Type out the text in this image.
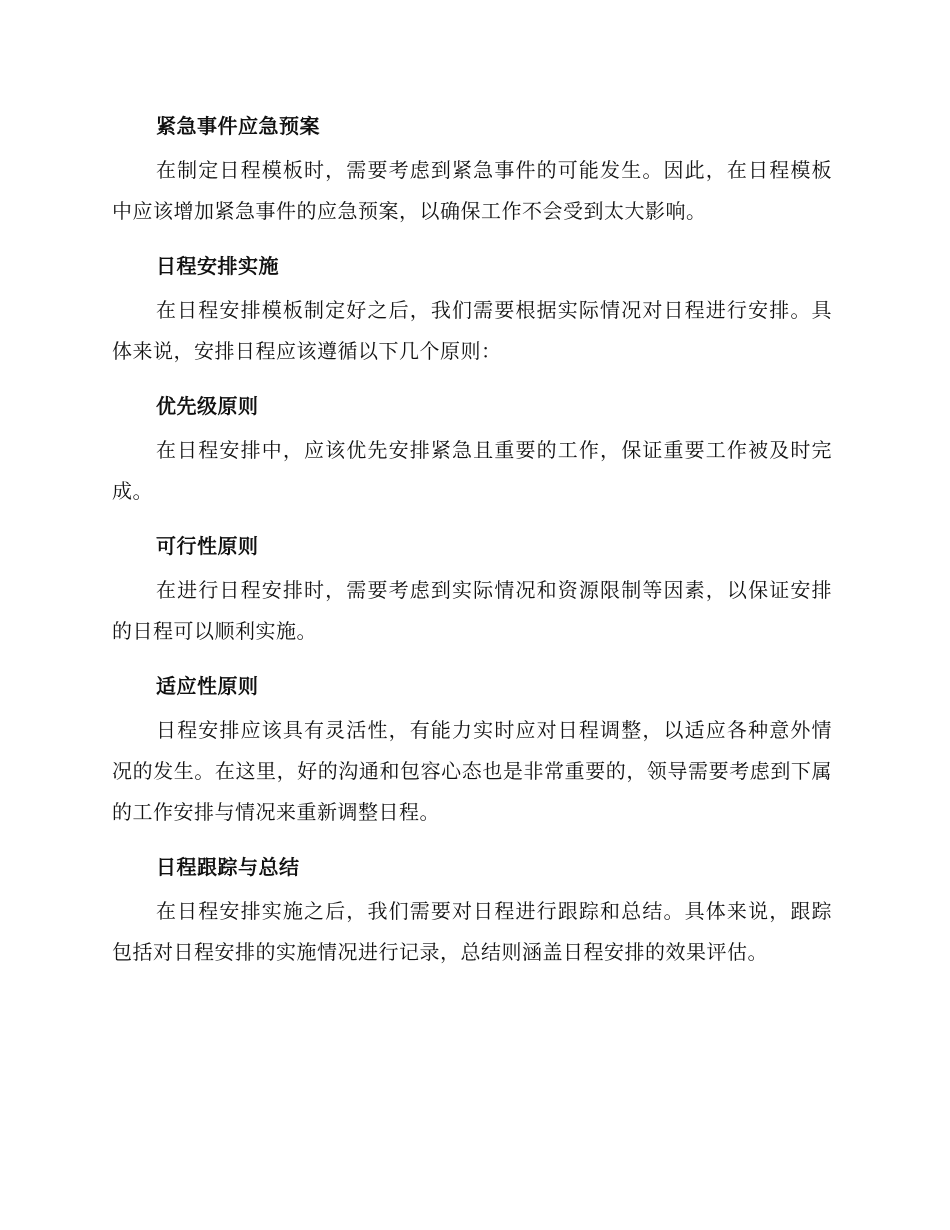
紧急事件应急预案

在制定日程模板时，需要考虑到紧急事件的可能发生。因此，在日程模板中应该增加紧急事件的应急预案，以确保工作不会受到太大影响。

日程安排实施

在日程安排模板制定好之后，我们需要根据实际情况对日程进行安排。具体来说，安排日程应该遵循以下几个原则：

优先级原则

在日程安排中，应该优先安排紧急且重要的工作，保证重要工作被及时完成。

可行性原则

在进行日程安排时，需要考虑到实际情况和资源限制等因素，以保证安排的日程可以顺利实施。

适应性原则

日程安排应该具有灵活性，有能力实时应对日程调整，以适应各种意外情况的发生。在这里，好的沟通和包容心态也是非常重要的，领导需要考虑到下属的工作安排与情况来重新调整日程。

日程跟踪与总结

在日程安排实施之后，我们需要对日程进行跟踪和总结。具体来说，跟踪包括对日程安排的实施情况进行记录，总结则涵盖日程安排的效果评估。
